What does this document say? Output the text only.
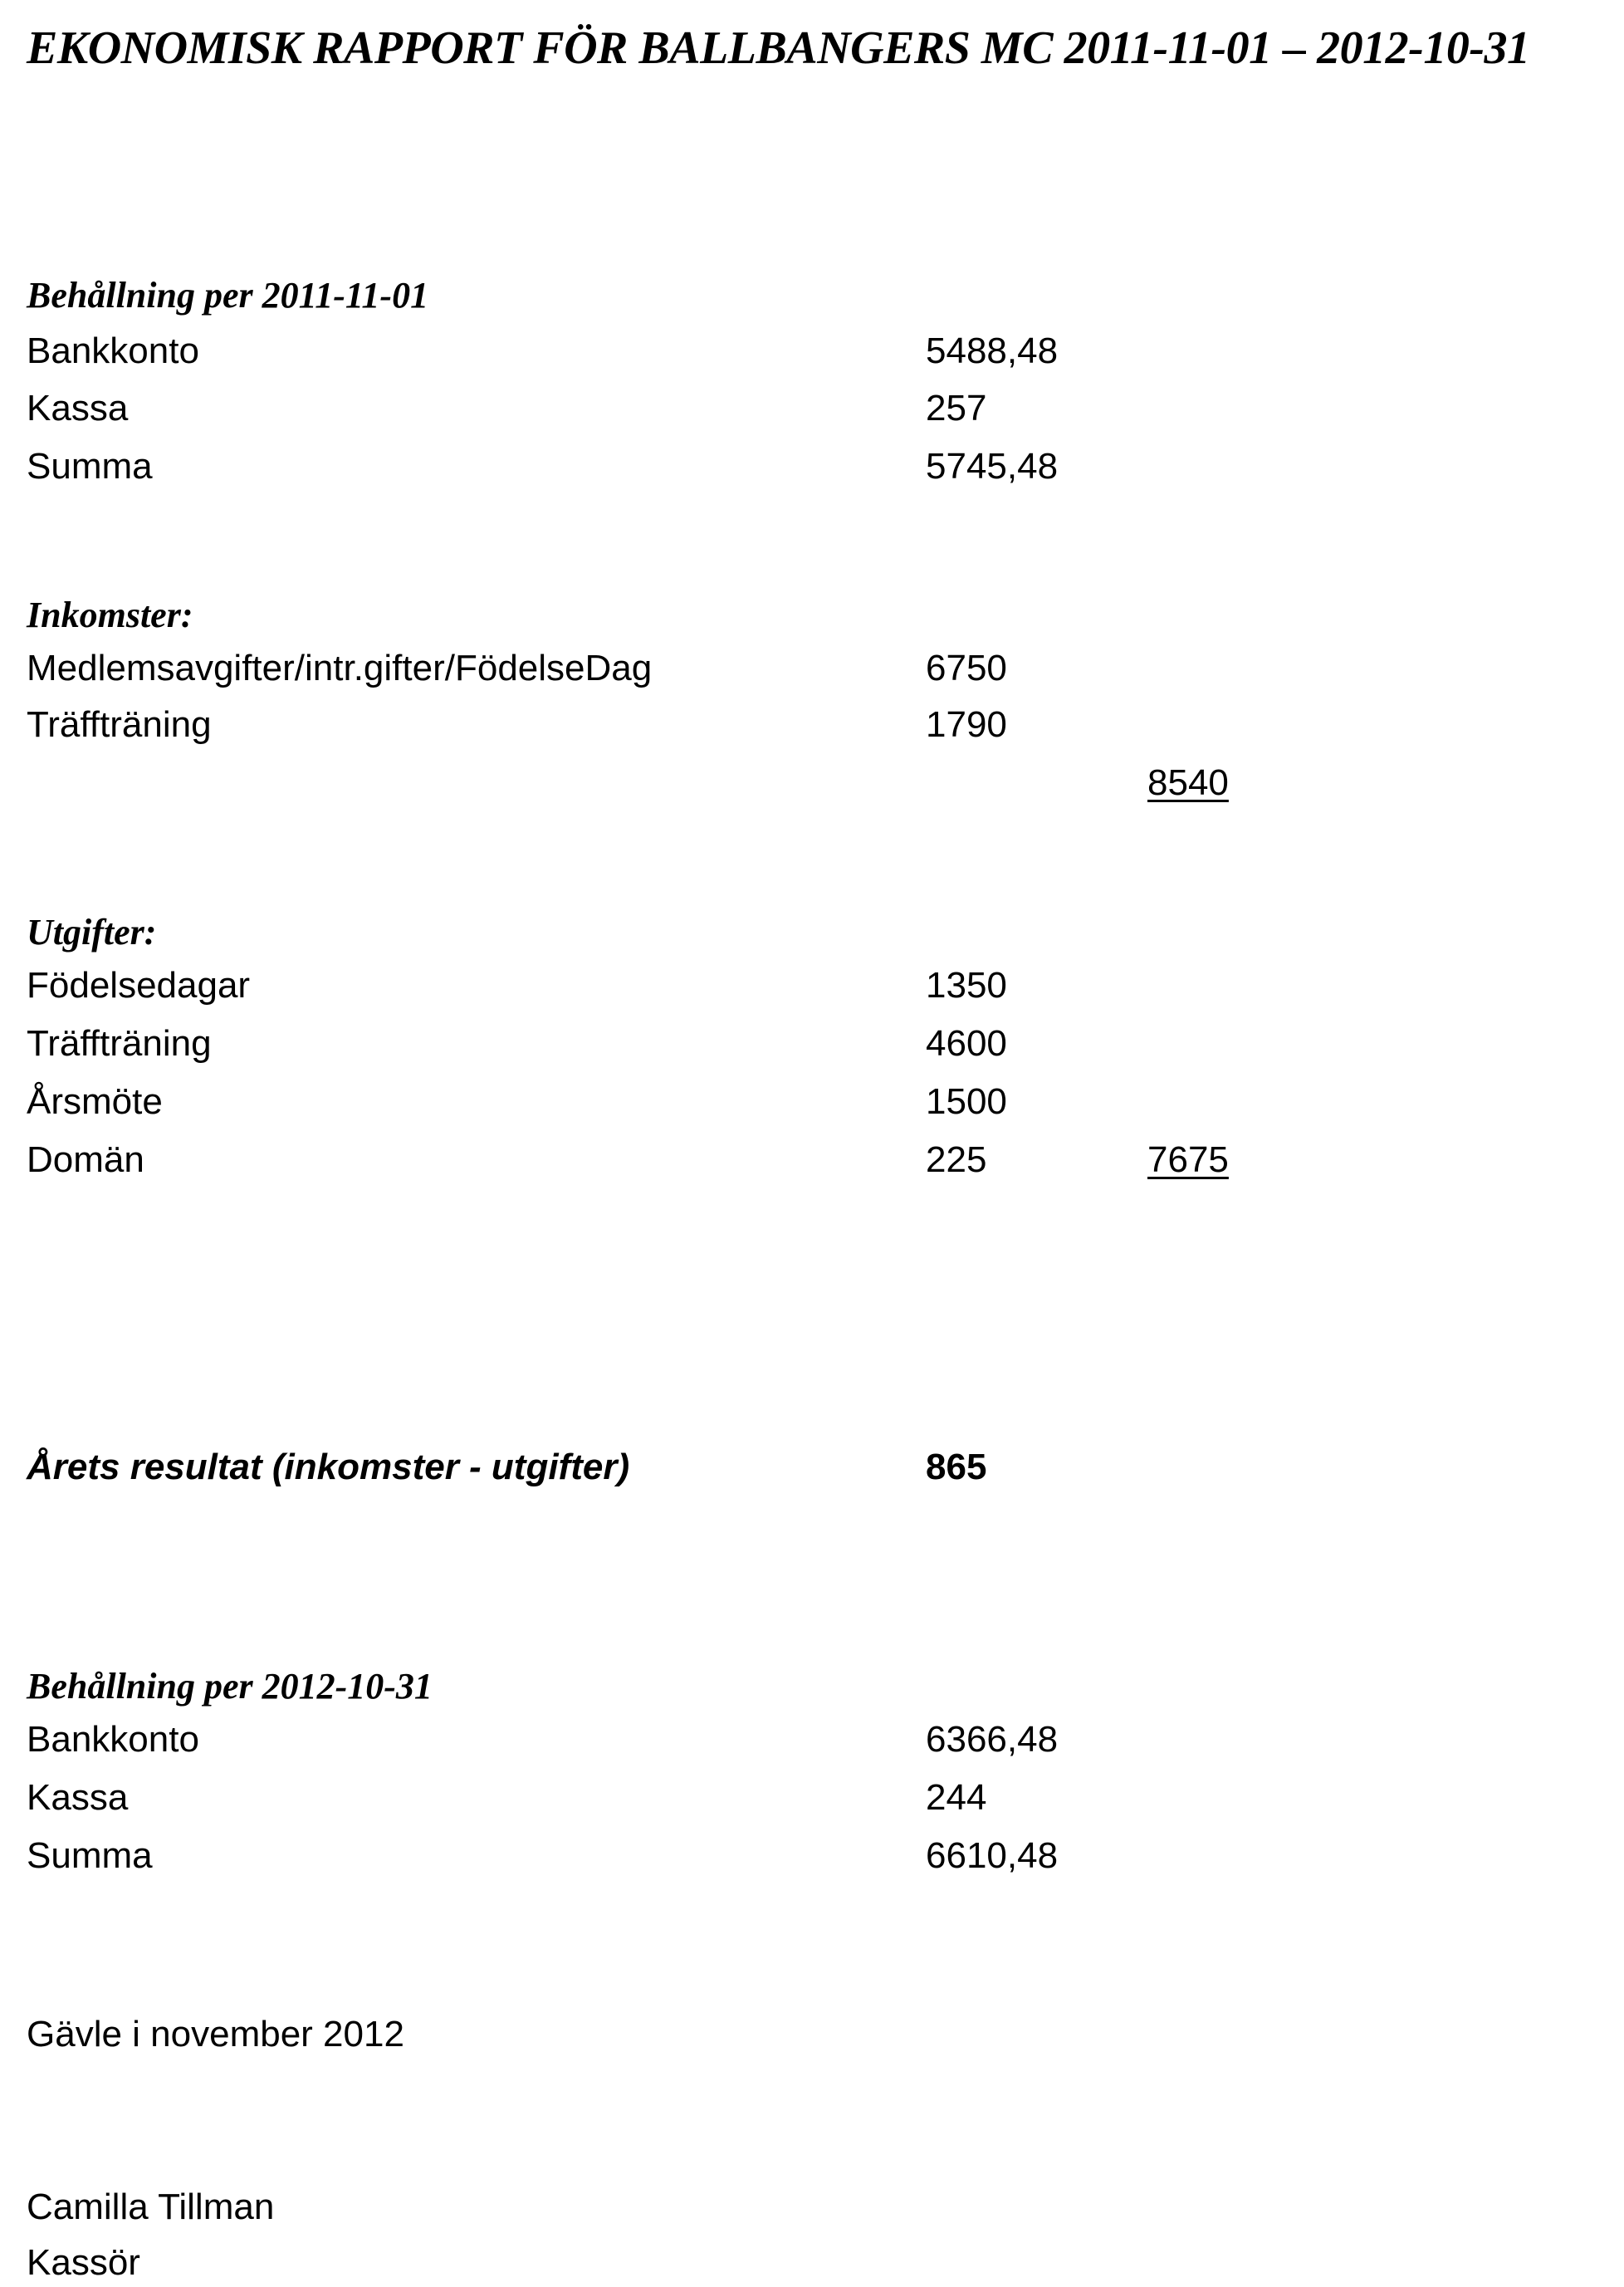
EKONOMISK RAPPORT FÖR BALLBANGERS MC 2011-11-01 – 2012-10-31
Behållning per 2011-11-01
Bankkonto	5488,48
Kassa	257
Summa	5745,48
Inkomster:
Medlemsavgifter/intr.gifter/FödelseDag	6750
Träffträning	1790
8540
Utgifter:
Födelsedagar	1350
Träffträning	4600
Årsmöte	1500
Domän	225	7675
Årets resultat (inkomster - utgifter)	865
Behållning per 2012-10-31
Bankkonto	6366,48
Kassa	244
Summa	6610,48
Gävle i november 2012
Camilla Tillman
Kassör
